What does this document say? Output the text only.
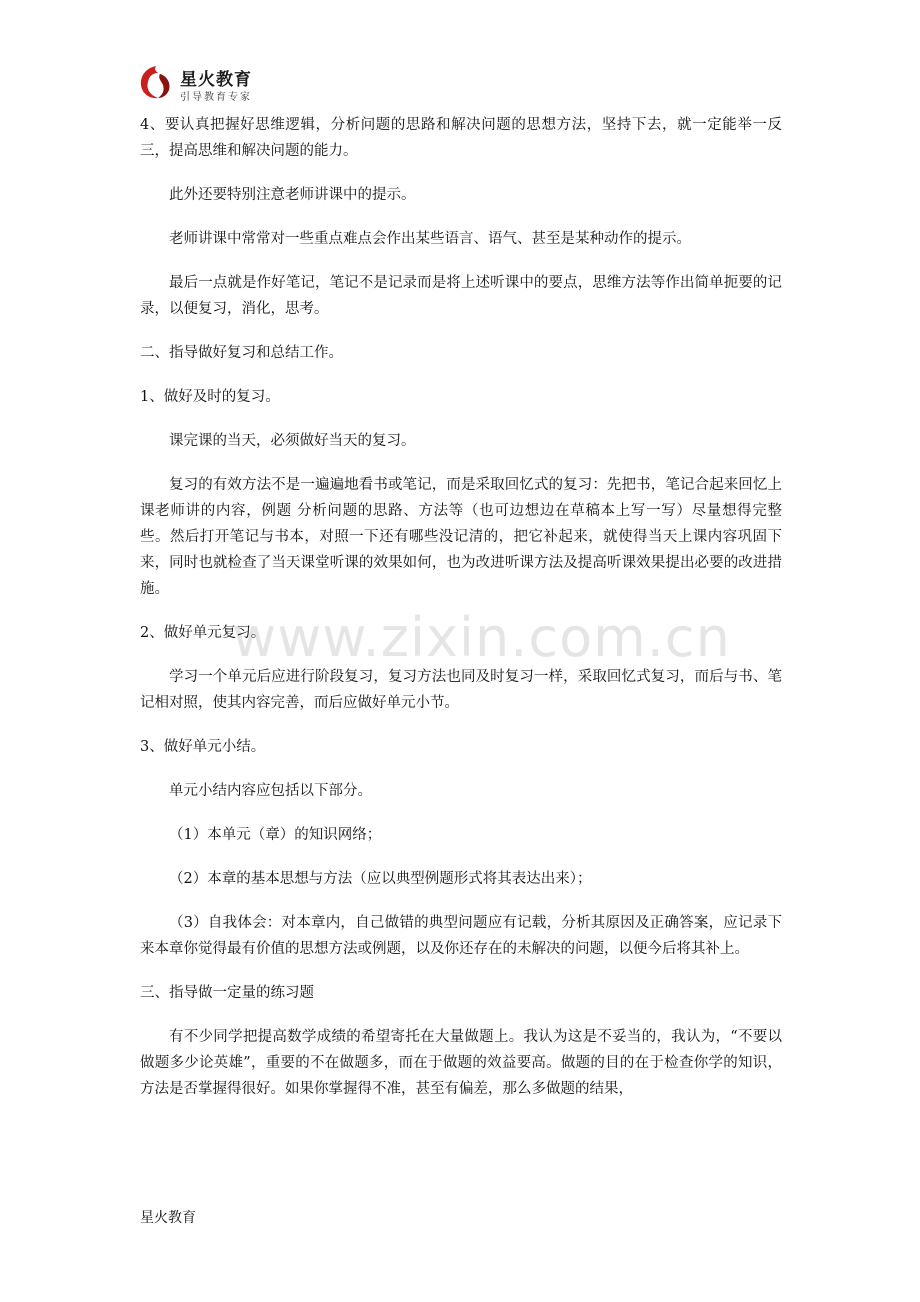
星火教育
引导教育专家

4、要认真把握好思维逻辑，分析问题的思路和解决问题的思想方法，坚持下去，就一定能举一反三，提高思维和解决问题的能力。

此外还要特别注意老师讲课中的提示。

老师讲课中常常对一些重点难点会作出某些语言、语气、甚至是某种动作的提示。

最后一点就是作好笔记，笔记不是记录而是将上述听课中的要点，思维方法等作出简单扼要的记录，以便复习，消化，思考。

二、指导做好复习和总结工作。

1、做好及时的复习。

课完课的当天，必须做好当天的复习。

复习的有效方法不是一遍遍地看书或笔记，而是采取回忆式的复习：先把书，笔记合起来回忆上课老师讲的内容，例题 分析问题的思路、方法等（也可边想边在草稿本上写一写）尽量想得完整些。然后打开笔记与书本，对照一下还有哪些没记清的，把它补起来，就使得当天上课内容巩固下来，同时也就检查了当天课堂听课的效果如何，也为改进听课方法及提高听课效果提出必要的改进措施。

2、做好单元复习。

学习一个单元后应进行阶段复习，复习方法也同及时复习一样，采取回忆式复习，而后与书、笔记相对照，使其内容完善，而后应做好单元小节。

3、做好单元小结。

单元小结内容应包括以下部分。

（1）本单元（章）的知识网络；

（2）本章的基本思想与方法（应以典型例题形式将其表达出来）；

（3）自我体会：对本章内，自己做错的典型问题应有记载，分析其原因及正确答案，应记录下来本章你觉得最有价值的思想方法或例题，以及你还存在的未解决的问题，以便今后将其补上。

三、指导做一定量的练习题

有不少同学把提高数学成绩的希望寄托在大量做题上。我认为这是不妥当的，我认为，“不要以做题多少论英雄”，重要的不在做题多，而在于做题的效益要高。做题的目的在于检查你学的知识，方法是否掌握得很好。如果你掌握得不准，甚至有偏差，那么多做题的结果，

www.zixin.com.cn
星火教育
